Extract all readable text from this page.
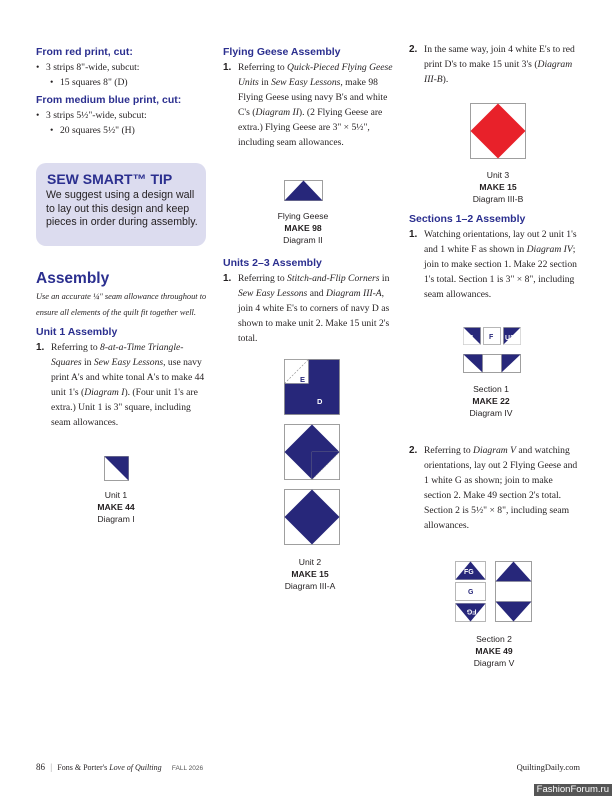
From red print, cut:
• 3 strips 8"-wide, subcut:
• 15 squares 8" (D)
From medium blue print, cut:
• 3 strips 5½"-wide, subcut:
• 20 squares 5½" (H)
SEW SMART™ TIP
We suggest using a design wall to lay out this design and keep pieces in order during assembly.
Assembly
Use an accurate ¼" seam allowance throughout to ensure all elements of the quilt fit together well.
Unit 1 Assembly
1. Referring to 8-at-a-Time Triangle-Squares in Sew Easy Lessons, use navy print A's and white tonal A's to make 44 unit 1's (Diagram I). (Four unit 1's are extra.) Unit 1 is 3" square, including seam allowances.
Unit 1
MAKE 44
Diagram I
Flying Geese Assembly
1. Referring to Quick-Pieced Flying Geese Units in Sew Easy Lessons, make 98 Flying Geese using navy B's and white C's (Diagram II). (2 Flying Geese are extra.) Flying Geese are 3" × 5½", including seam allowances.
Flying Geese
MAKE 98
Diagram II
Units 2–3 Assembly
1. Referring to Stitch-and-Flip Corners in Sew Easy Lessons and Diagram III-A, join 4 white E's to corners of navy D as shown to make unit 2. Make 15 unit 2's total.
E
D
E
Unit 2
MAKE 15
Diagram III-A
2. In the same way, join 4 white E's to red print D's to make 15 unit 3's (Diagram III-B).
Unit 3
MAKE 15
Diagram III-B
Sections 1–2 Assembly
1. Watching orientations, lay out 2 unit 1's and 1 white F as shown in Diagram IV; join to make section 1. Make 22 section 1's total. Section 1 is 3" × 8", including seam allowances.
U1 F U1
Section 1
MAKE 22
Diagram IV
2. Referring to Diagram V and watching orientations, lay out 2 Flying Geese and 1 white G as shown; join to make section 2. Make 49 section 2's total. Section 2 is 5½" × 8", including seam allowances.
FG
G
FG
Section 2
MAKE 49
Diagram V
86 | Fons & Porter's Love of Quilting FALL 2026	QuiltingDaily.com
FashionForum.ru
